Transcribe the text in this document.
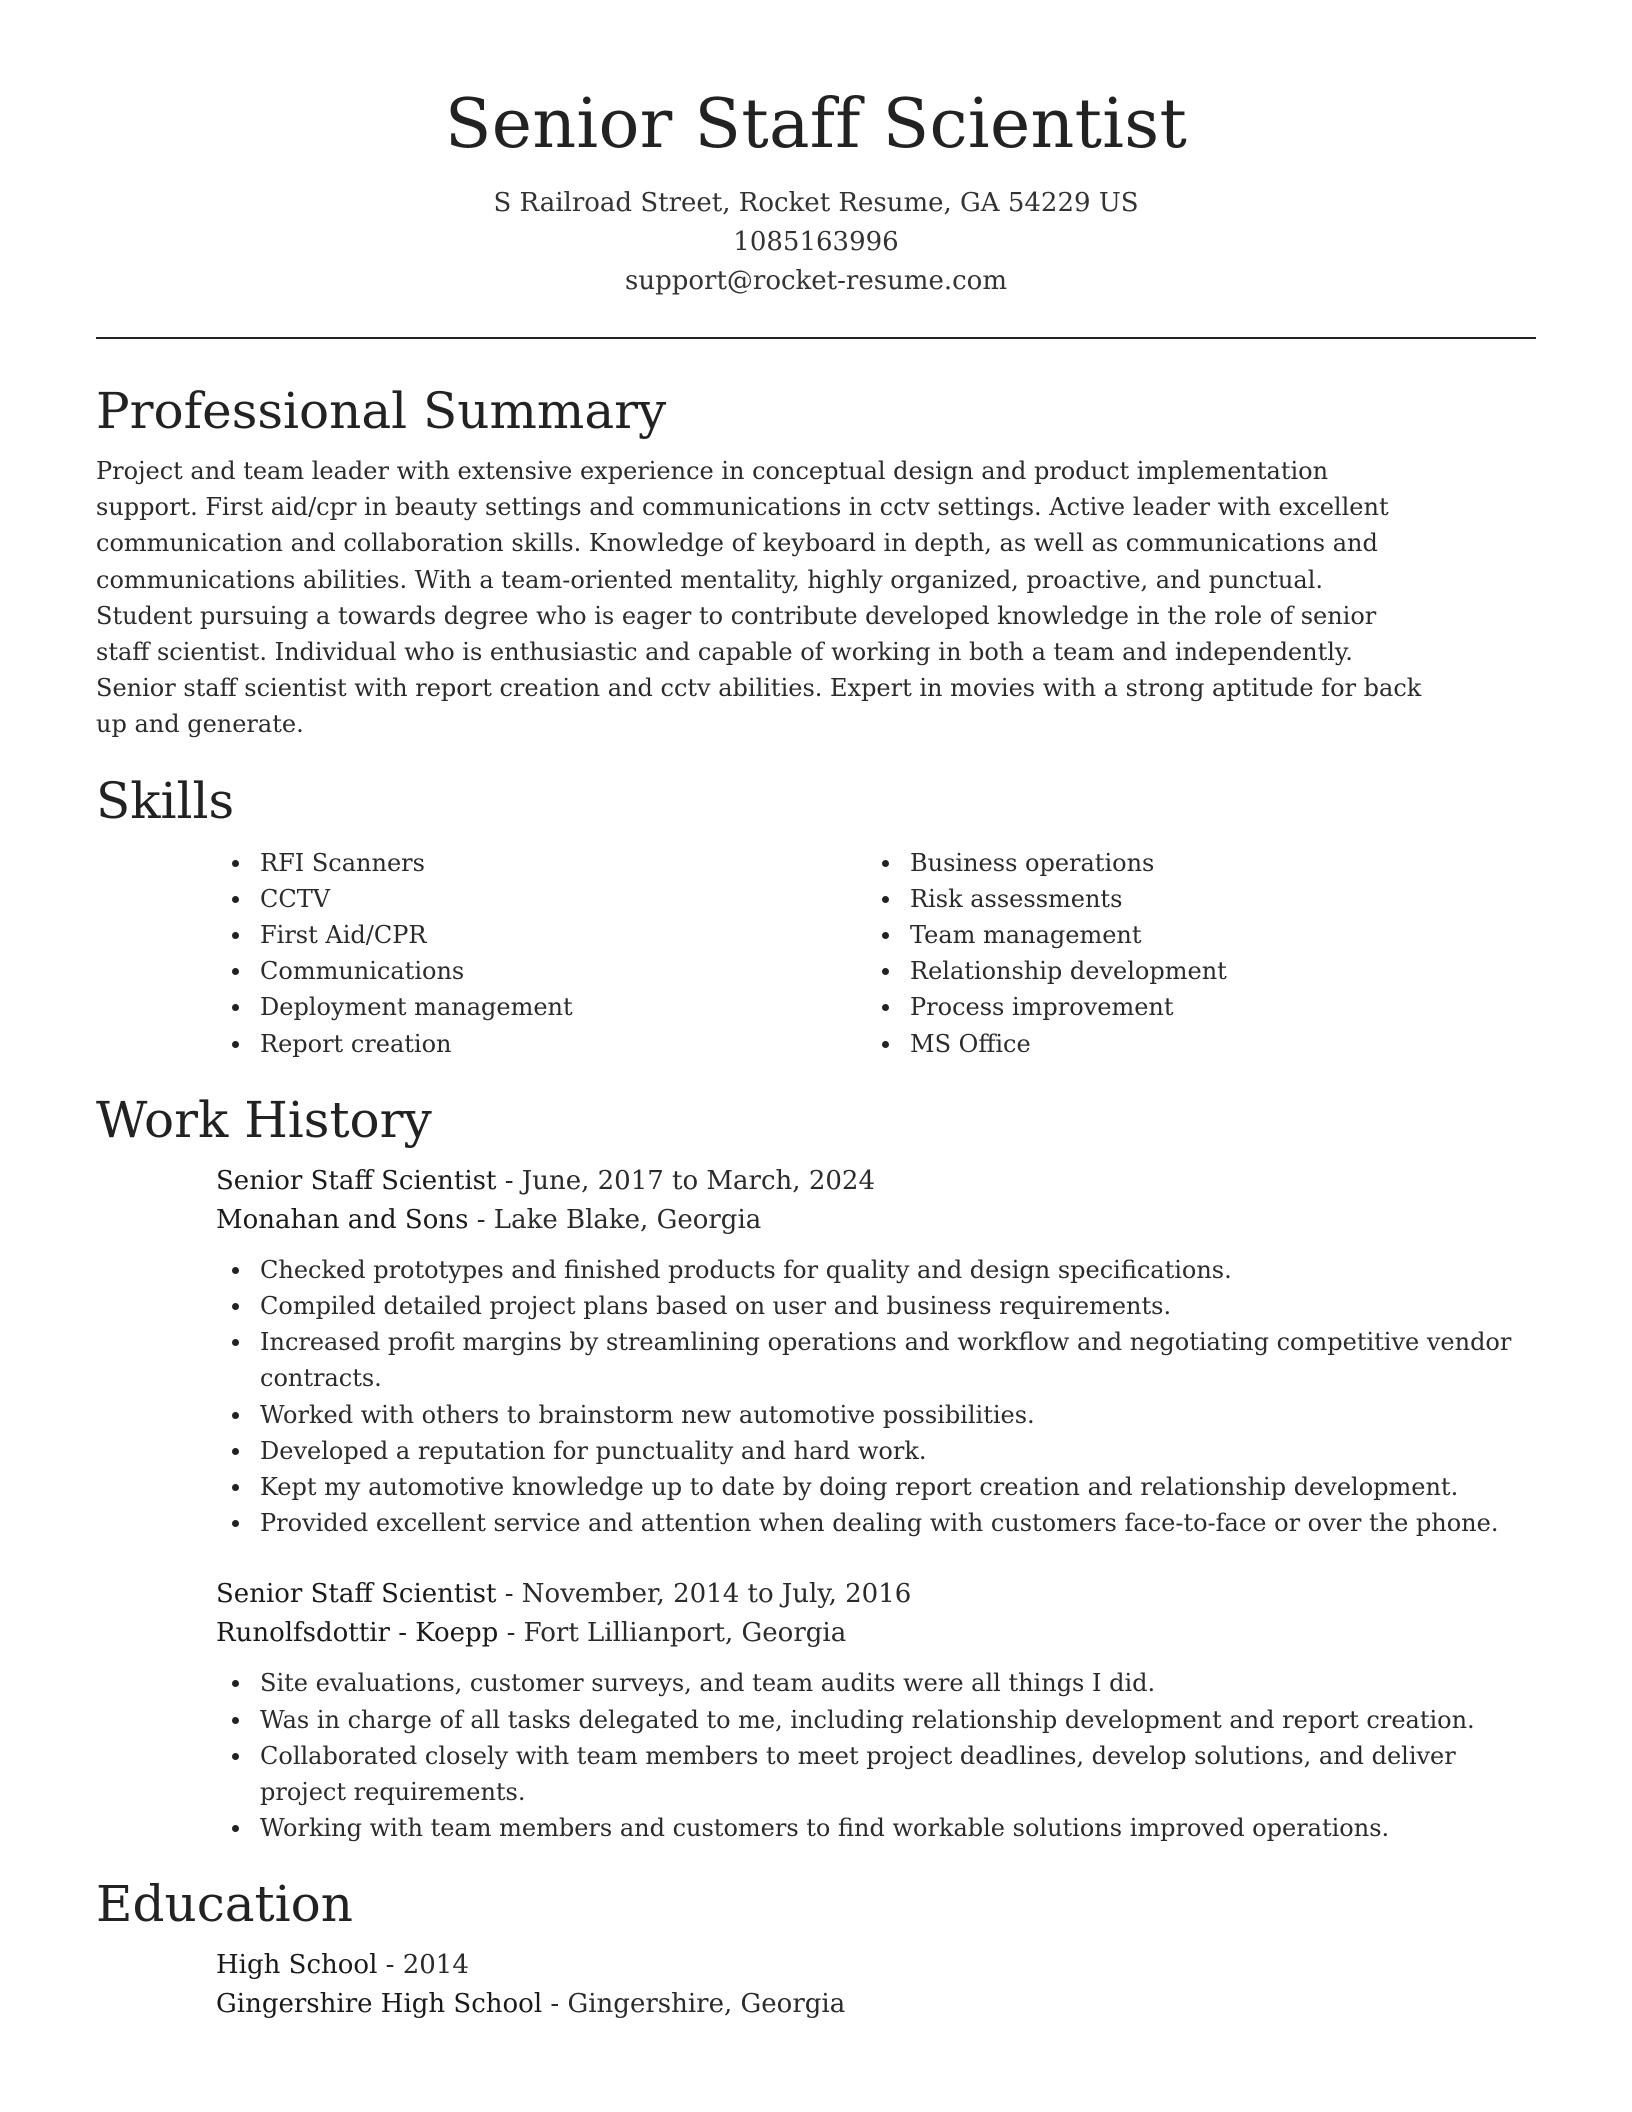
Senior Staff Scientist

S Railroad Street, Rocket Resume, GA 54229 US

1085163996

support@rocket-resume.com

Professional Summary

Project and team leader with extensive experience in conceptual design and product implementation support. First aid/cpr in beauty settings and communications in cctv settings. Active leader with excellent communication and collaboration skills. Knowledge of keyboard in depth, as well as communications and communications abilities. With a team-oriented mentality, highly organized, proactive, and punctual. Student pursuing a towards degree who is eager to contribute developed knowledge in the role of senior staff scientist. Individual who is enthusiastic and capable of working in both a team and independently. Senior staff scientist with report creation and cctv abilities. Expert in movies with a strong aptitude for back up and generate.

Skills
RFI Scanners
CCTV
First Aid/CPR
Communications
Deployment management
Report creation
Business operations
Risk assessments
Team management
Relationship development
Process improvement
MS Office
Work History

Senior Staff Scientist - June, 2017 to March, 2024

Monahan and Sons - Lake Blake, Georgia

Checked prototypes and finished products for quality and design specifications.
Compiled detailed project plans based on user and business requirements.
Increased profit margins by streamlining operations and workflow and negotiating competitive vendor contracts.
Worked with others to brainstorm new automotive possibilities.
Developed a reputation for punctuality and hard work.
Kept my automotive knowledge up to date by doing report creation and relationship development.
Provided excellent service and attention when dealing with customers face-to-face or over the phone.

Senior Staff Scientist - November, 2014 to July, 2016

Runolfsdottir - Koepp - Fort Lillianport, Georgia

Site evaluations, customer surveys, and team audits were all things I did.
Was in charge of all tasks delegated to me, including relationship development and report creation.
Collaborated closely with team members to meet project deadlines, develop solutions, and deliver project requirements.
Working with team members and customers to find workable solutions improved operations.
Education

High School - 2014

Gingershire High School - Gingershire, Georgia
